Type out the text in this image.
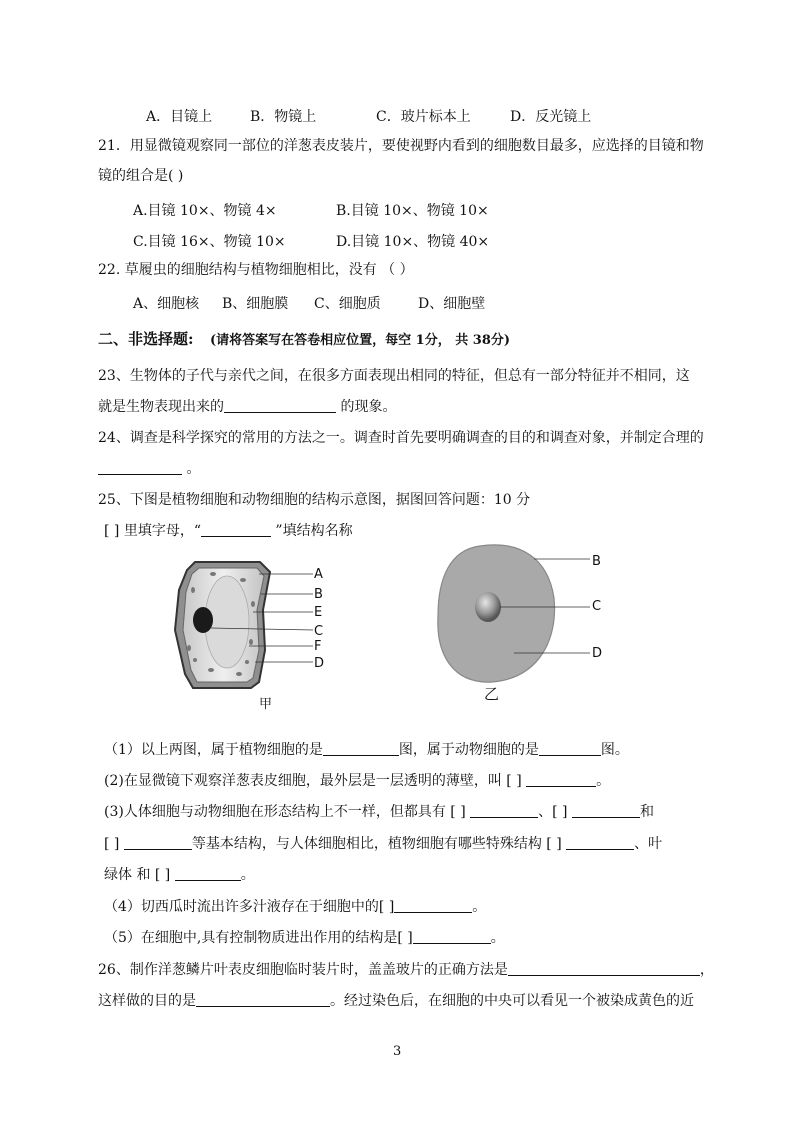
A．目镜上	B．物镜上	C．玻片标本上	D．反光镜上
21．用显微镜观察同一部位的洋葱表皮装片，要使视野内看到的细胞数目最多，应选择的目镜和物
镜的组合是( )
A.目镜 10×、物镜 4×	B.目镜 10×、物镜 10×
C.目镜 16×、物镜 10×	D.目镜 10×、物镜 40×
22. 草履虫的细胞结构与植物细胞相比，没有 （ ）
A、细胞核 B、细胞膜 C、细胞质	D、细胞壁
二、非选择题: (请将答案写在答卷相应位置，每空 1分， 共 38分)
23、生物体的子代与亲代之间，在很多方面表现出相同的特征，但总有一部分特征并不相同，这
就是生物表现出来的	的现象。
24、调查是科学探究的常用的方法之一。调查时首先要明确调查的目的和调查对象，并制定合理的
。
25、下图是植物细胞和动物细胞的结构示意图，据图回答问题：10 分
[ ] 里填字母，“	”填结构名称
A
B
E
C
F
D
甲
B
C
D
乙
（1）以上两图，属于植物细胞的是	图，属于动物细胞的是	图。
(2)在显微镜下观察洋葱表皮细胞，最外层是一层透明的薄壁，叫 [ ]	。
(3)人体细胞与动物细胞在形态结构上不一样，但都具有 [ ]	、[ ]	和
[ ]	等基本结构，与人体细胞相比，植物细胞有哪些特殊结构 [ ]	、叶
绿体 和 [ ]	。
（4）切西瓜时流出许多汁液存在于细胞中的[ ]	。
（5）在细胞中,具有控制物质进出作用的结构是[ ]	。
26、制作洋葱鳞片叶表皮细胞临时装片时，盖盖玻片的正确方法是	，
这样做的目的是	。经过染色后，在细胞的中央可以看见一个被染成黄色的近
3
